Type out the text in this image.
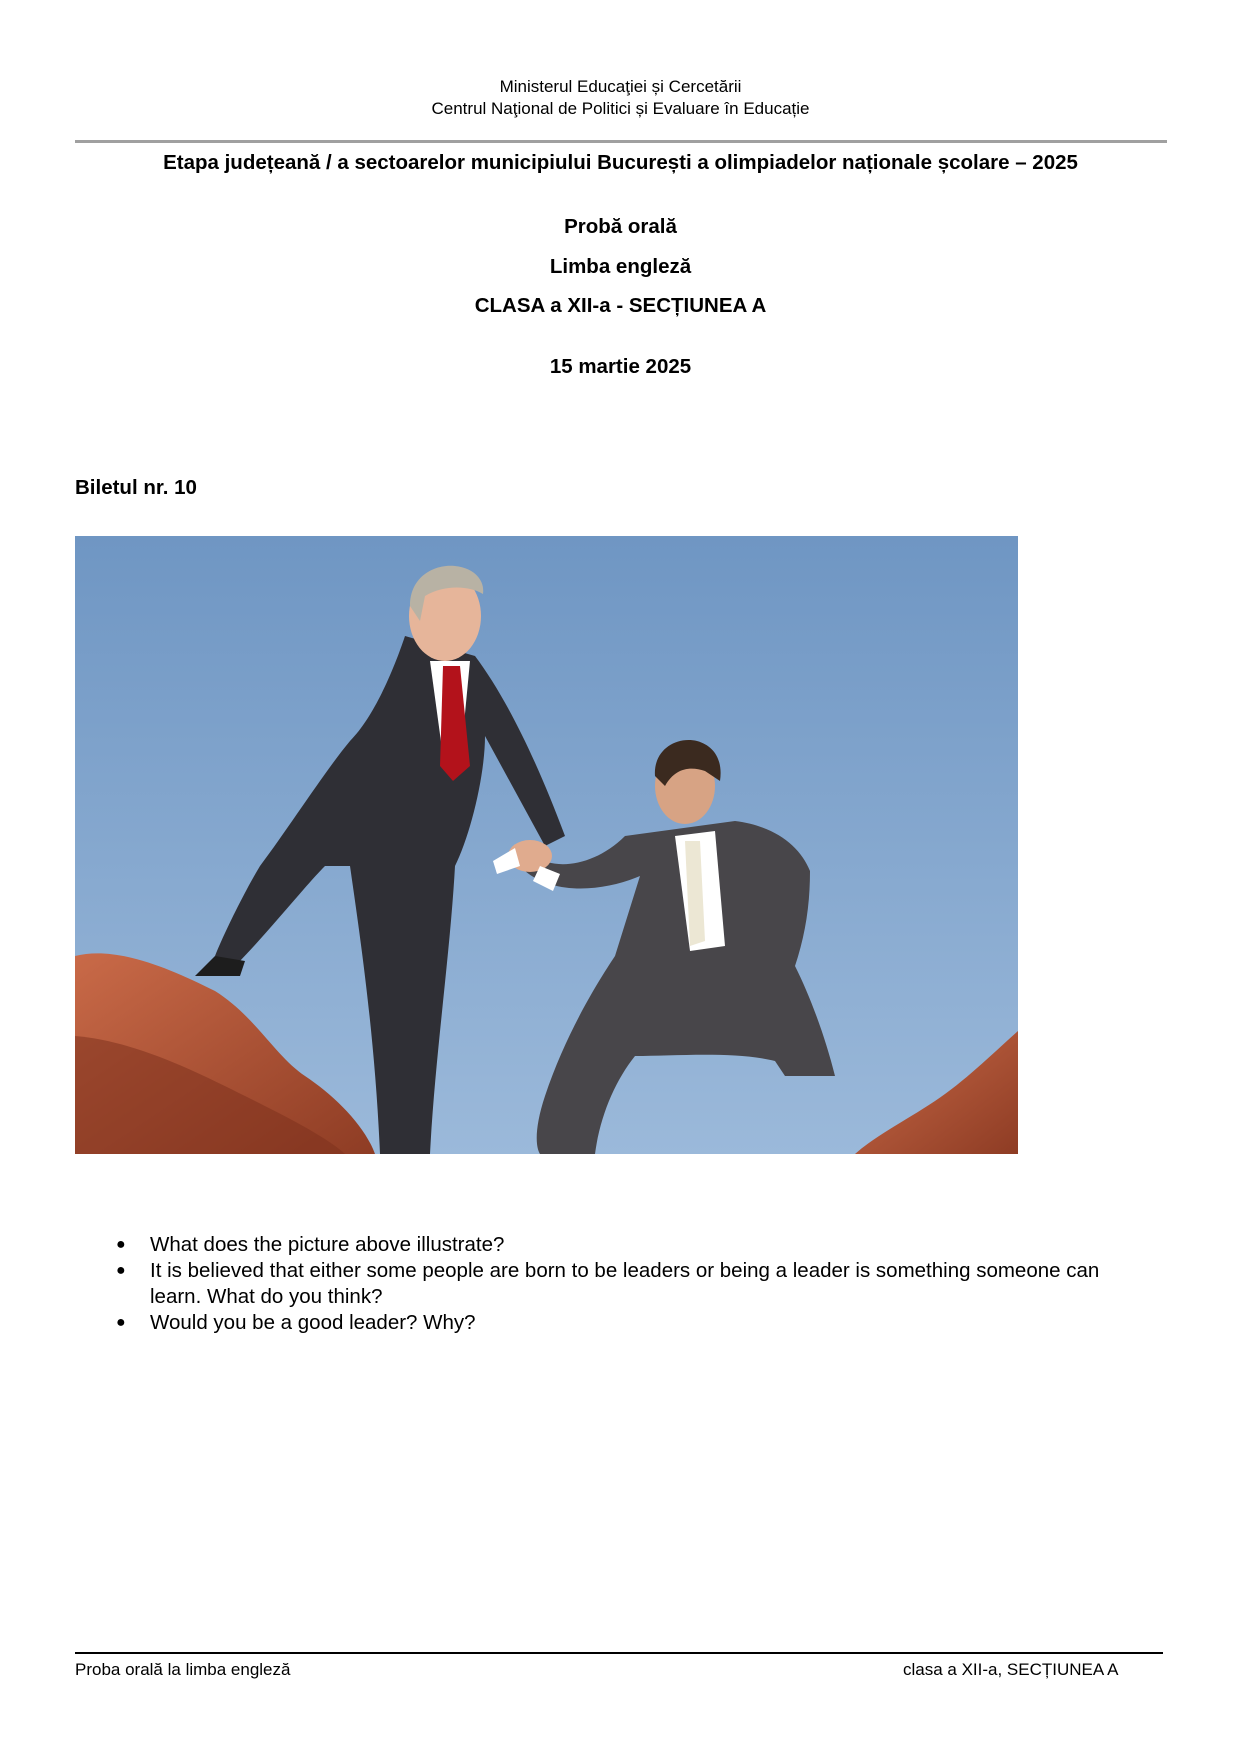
Ministerul Educaţiei și Cercetării
Centrul Naţional de Politici și Evaluare în Educație
Etapa județeană / a sectoarelor municipiului București a olimpiadelor naționale școlare – 2025
Probă orală
Limba engleză
CLASA a XII-a - SECȚIUNEA A
15 martie 2025
Biletul nr. 10
● What does the picture above illustrate?
● It is believed that either some people are born to be leaders or being a leader is something someone can learn. What do you think?
● Would you be a good leader? Why?
Proba orală la limba engleză	clasa a XII-a, SECȚIUNEA A
